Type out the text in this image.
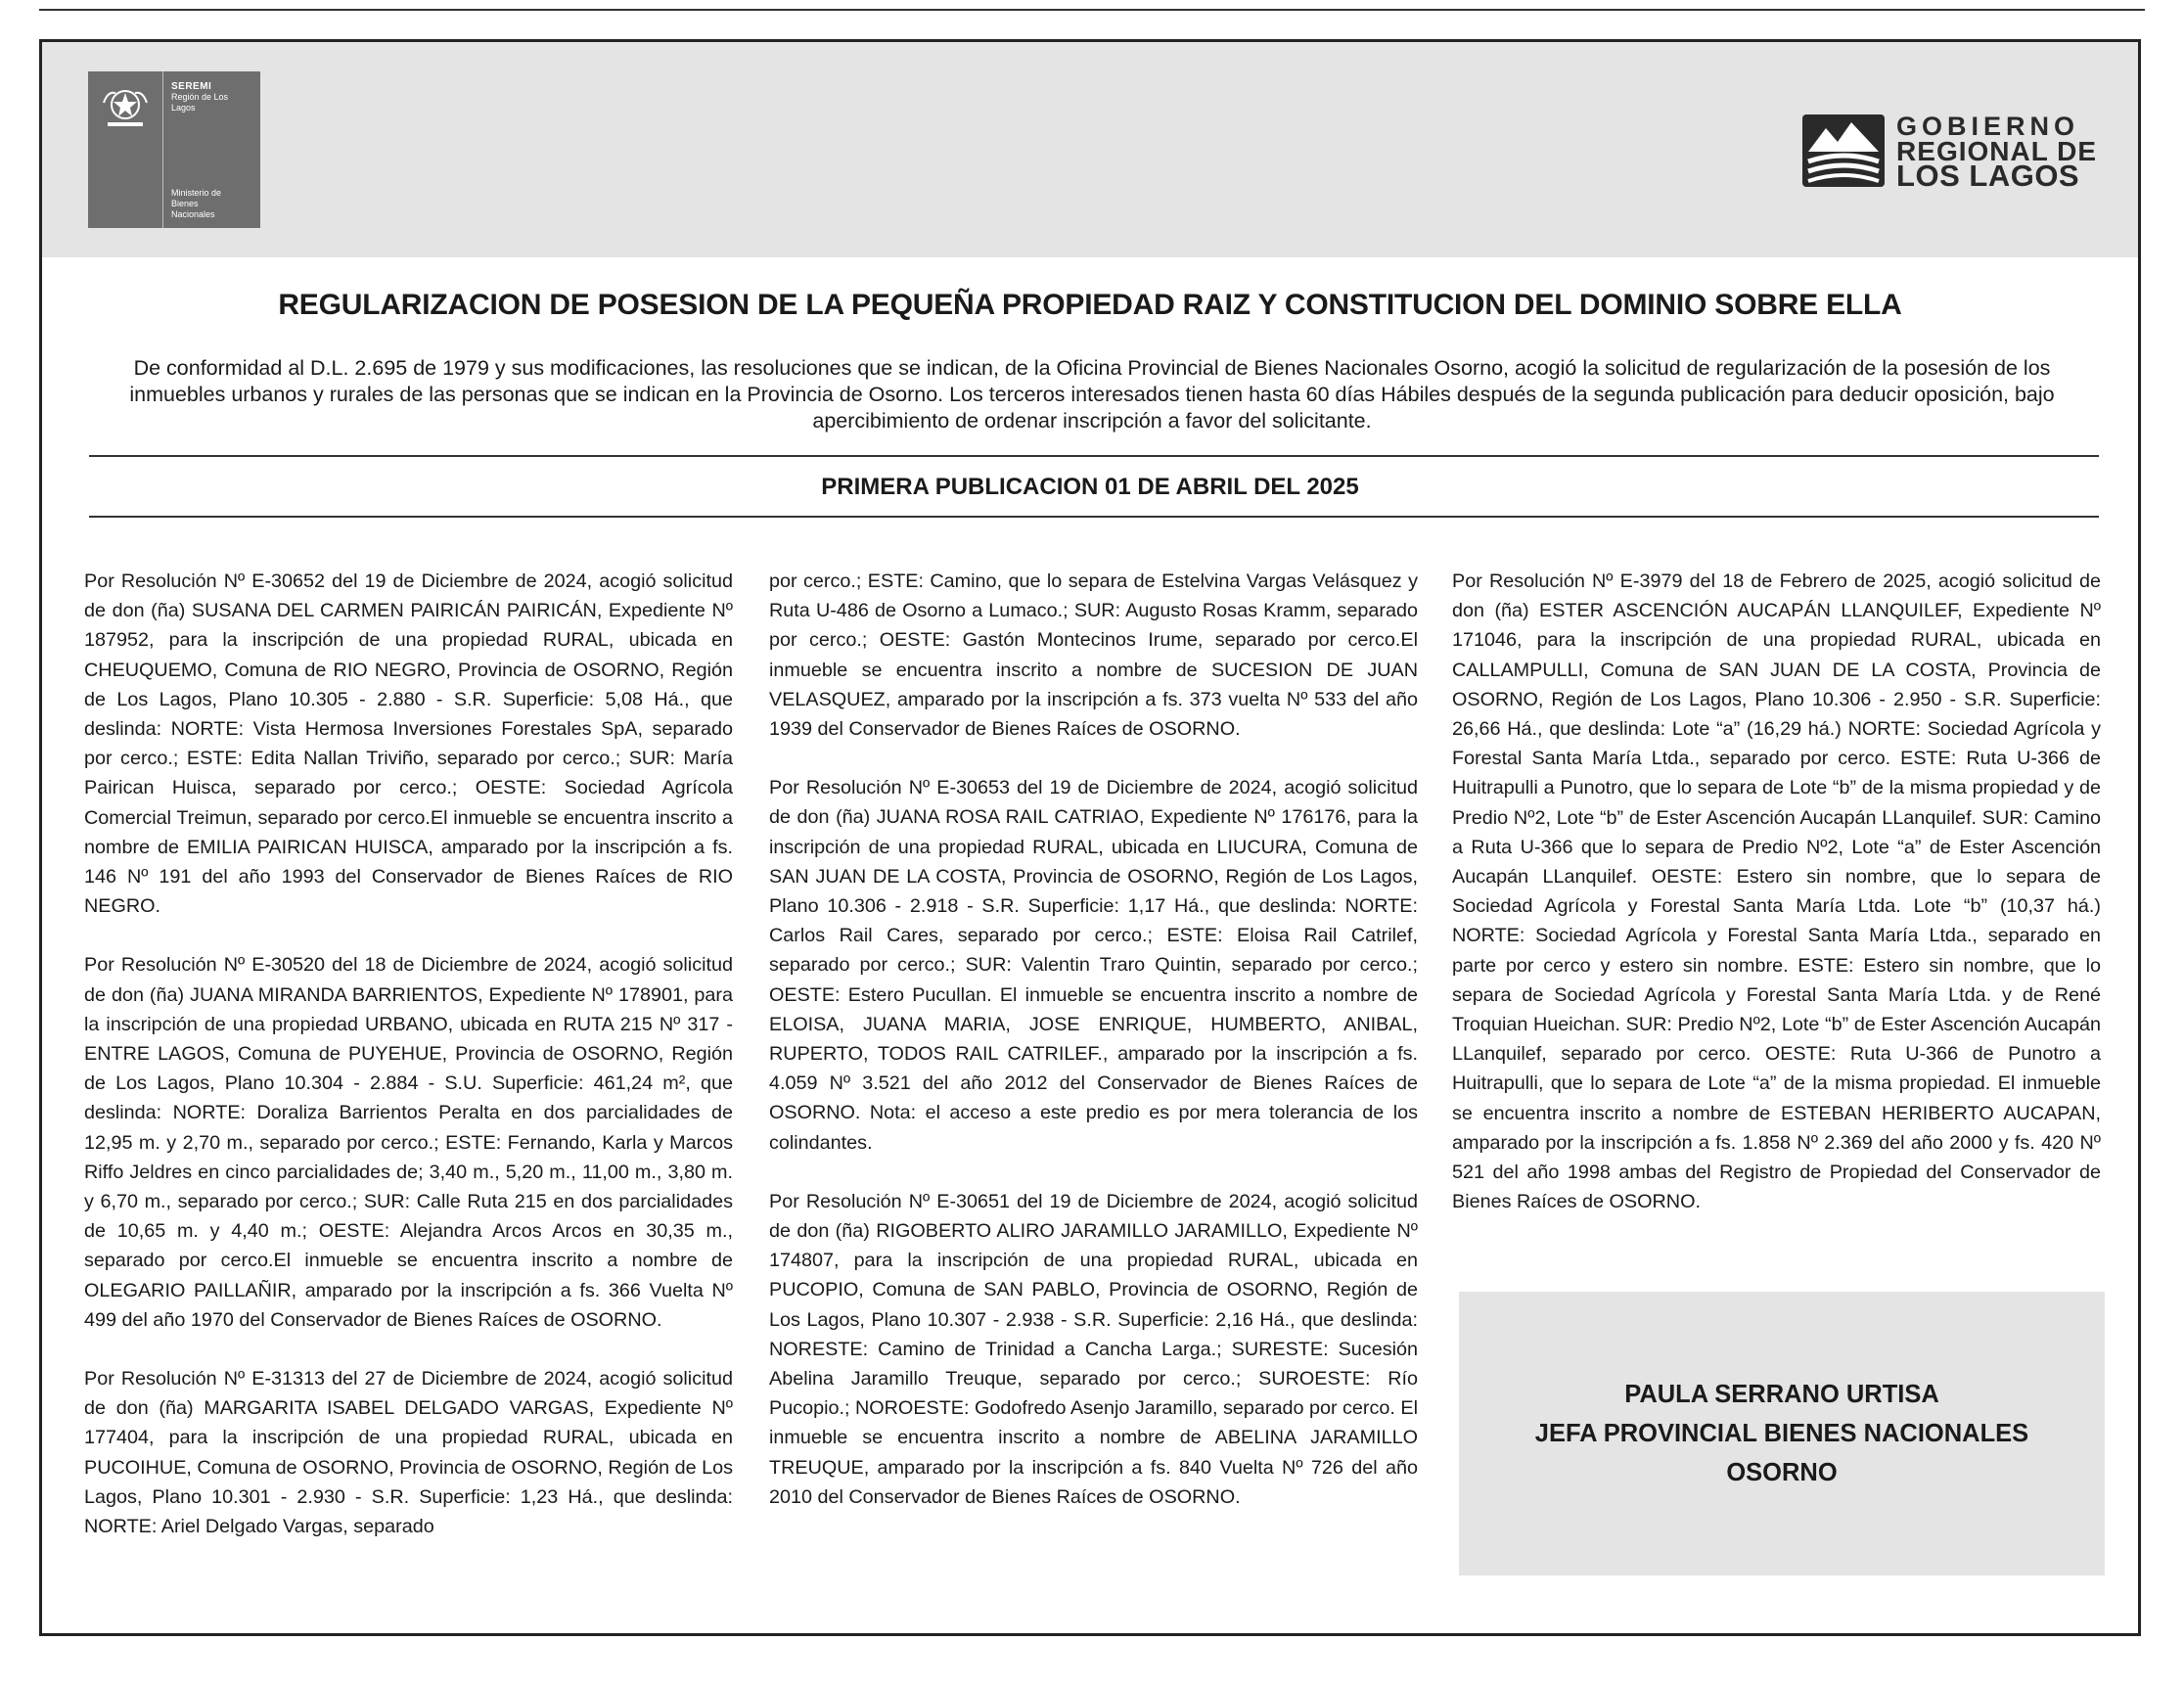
SEREMI
Región de Los Lagos
Ministerio de
Bienes
Nacionales
GOBIERNO
REGIONAL DE
LOS LAGOS
REGULARIZACION DE POSESION DE LA PEQUEÑA PROPIEDAD RAIZ Y CONSTITUCION DEL DOMINIO SOBRE ELLA
De conformidad al D.L. 2.695 de 1979 y sus modificaciones, las resoluciones que se indican, de la Oficina Provincial de Bienes Nacionales Osorno, acogió la solicitud de regularización de la posesión de los inmuebles urbanos y rurales de las personas que se indican en la Provincia de Osorno. Los terceros interesados tienen hasta 60 días Hábiles después de la segunda publicación para deducir oposición, bajo apercibimiento de ordenar inscripción a favor del solicitante.
PRIMERA PUBLICACION 01 DE ABRIL DEL 2025

Por Resolución Nº E-30652 del 19 de Diciembre de 2024, acogió solicitud de don (ña) SUSANA DEL CARMEN PAIRICÁN PAIRICÁN, Expediente Nº 187952, para la inscripción de una propiedad RURAL, ubicada en CHEUQUEMO, Comuna de RIO NEGRO, Provincia de OSORNO, Región de Los Lagos, Plano 10.305 - 2.880 - S.R. Superficie: 5,08 Há., que deslinda: NORTE: Vista Hermosa Inversiones Forestales SpA, separado por cerco.; ESTE: Edita Nallan Triviño, separado por cerco.; SUR: María Pairican Huisca, separado por cerco.; OESTE: Sociedad Agrícola Comercial Treimun, separado por cerco.El inmueble se encuentra inscrito a nombre de EMILIA PAIRICAN HUISCA, amparado por la inscripción a fs. 146 Nº 191 del año 1993 del Conservador de Bienes Raíces de RIO NEGRO.

Por Resolución Nº E-30520 del 18 de Diciembre de 2024, acogió solicitud de don (ña) JUANA MIRANDA BARRIENTOS, Expediente Nº 178901, para la inscripción de una propiedad URBANO, ubicada en RUTA 215 Nº 317 - ENTRE LAGOS, Comuna de PUYEHUE, Provincia de OSORNO, Región de Los Lagos, Plano 10.304 - 2.884 - S.U. Superficie: 461,24 m², que deslinda: NORTE: Doraliza Barrientos Peralta en dos parcialidades de 12,95 m. y 2,70 m., separado por cerco.; ESTE: Fernando, Karla y Marcos Riffo Jeldres en cinco parcialidades de; 3,40 m., 5,20 m., 11,00 m., 3,80 m. y 6,70 m., separado por cerco.; SUR: Calle Ruta 215 en dos parcialidades de 10,65 m. y 4,40 m.; OESTE: Alejandra Arcos Arcos en 30,35 m., separado por cerco.El inmueble se encuentra inscrito a nombre de OLEGARIO PAILLAÑIR, amparado por la inscripción a fs. 366 Vuelta Nº 499 del año 1970 del Conservador de Bienes Raíces de OSORNO.

Por Resolución Nº E-31313 del 27 de Diciembre de 2024, acogió solicitud de don (ña) MARGARITA ISABEL DELGADO VARGAS, Expediente Nº 177404, para la inscripción de una propiedad RURAL, ubicada en PUCOIHUE, Comuna de OSORNO, Provincia de OSORNO, Región de Los Lagos, Plano 10.301 - 2.930 - S.R. Superficie: 1,23 Há., que deslinda: NORTE: Ariel Delgado Vargas, separado

por cerco.; ESTE: Camino, que lo separa de Estelvina Vargas Velásquez y Ruta U-486 de Osorno a Lumaco.; SUR: Augusto Rosas Kramm, separado por cerco.; OESTE: Gastón Montecinos Irume, separado por cerco.El inmueble se encuentra inscrito a nombre de SUCESION DE JUAN VELASQUEZ, amparado por la inscripción a fs. 373 vuelta Nº 533 del año 1939 del Conservador de Bienes Raíces de OSORNO.

Por Resolución Nº E-30653 del 19 de Diciembre de 2024, acogió solicitud de don (ña) JUANA ROSA RAIL CATRIAO, Expediente Nº 176176, para la inscripción de una propiedad RURAL, ubicada en LIUCURA, Comuna de SAN JUAN DE LA COSTA, Provincia de OSORNO, Región de Los Lagos, Plano 10.306 - 2.918 - S.R. Superficie: 1,17 Há., que deslinda: NORTE: Carlos Rail Cares, separado por cerco.; ESTE: Eloisa Rail Catrilef, separado por cerco.; SUR: Valentin Traro Quintin, separado por cerco.; OESTE: Estero Pucullan. El inmueble se encuentra inscrito a nombre de ELOISA, JUANA MARIA, JOSE ENRIQUE, HUMBERTO, ANIBAL, RUPERTO, TODOS RAIL CATRILEF., amparado por la inscripción a fs. 4.059 Nº 3.521 del año 2012 del Conservador de Bienes Raíces de OSORNO. Nota: el acceso a este predio es por mera tolerancia de los colindantes.

Por Resolución Nº E-30651 del 19 de Diciembre de 2024, acogió solicitud de don (ña) RIGOBERTO ALIRO JARAMILLO JARAMILLO, Expediente Nº 174807, para la inscripción de una propiedad RURAL, ubicada en PUCOPIO, Comuna de SAN PABLO, Provincia de OSORNO, Región de Los Lagos, Plano 10.307 - 2.938 - S.R. Superficie: 2,16 Há., que deslinda: NORESTE: Camino de Trinidad a Cancha Larga.; SURESTE: Sucesión Abelina Jaramillo Treuque, separado por cerco.; SUROESTE: Río Pucopio.; NOROESTE: Godofredo Asenjo Jaramillo, separado por cerco. El inmueble se encuentra inscrito a nombre de ABELINA JARAMILLO TREUQUE, amparado por la inscripción a fs. 840 Vuelta Nº 726 del año 2010 del Conservador de Bienes Raíces de OSORNO.

Por Resolución Nº E-3979 del 18 de Febrero de 2025, acogió solicitud de don (ña) ESTER ASCENCIÓN AUCAPÁN LLANQUILEF, Expediente Nº 171046, para la inscripción de una propiedad RURAL, ubicada en CALLAMPULLI, Comuna de SAN JUAN DE LA COSTA, Provincia de OSORNO, Región de Los Lagos, Plano 10.306 - 2.950 - S.R. Superficie: 26,66 Há., que deslinda: Lote “a” (16,29 há.) NORTE: Sociedad Agrícola y Forestal Santa María Ltda., separado por cerco. ESTE: Ruta U-366 de Huitrapulli a Punotro, que lo separa de Lote “b” de la misma propiedad y de Predio Nº2, Lote “b” de Ester Ascención Aucapán LLanquilef. SUR: Camino a Ruta U-366 que lo separa de Predio Nº2, Lote “a” de Ester Ascención Aucapán LLanquilef. OESTE: Estero sin nombre, que lo separa de Sociedad Agrícola y Forestal Santa María Ltda. Lote “b” (10,37 há.) NORTE: Sociedad Agrícola y Forestal Santa María Ltda., separado en parte por cerco y estero sin nombre. ESTE: Estero sin nombre, que lo separa de Sociedad Agrícola y Forestal Santa María Ltda. y de René Troquian Hueichan. SUR: Predio Nº2, Lote “b” de Ester Ascención Aucapán LLanquilef, separado por cerco. OESTE: Ruta U-366 de Punotro a Huitrapulli, que lo separa de Lote “a” de la misma propiedad. El inmueble se encuentra inscrito a nombre de ESTEBAN HERIBERTO AUCAPAN, amparado por la inscripción a fs. 1.858 Nº 2.369 del año 2000 y fs. 420 Nº 521 del año 1998 ambas del Registro de Propiedad del Conservador de Bienes Raíces de OSORNO.

PAULA SERRANO URTISA
JEFA PROVINCIAL BIENES NACIONALES
OSORNO
